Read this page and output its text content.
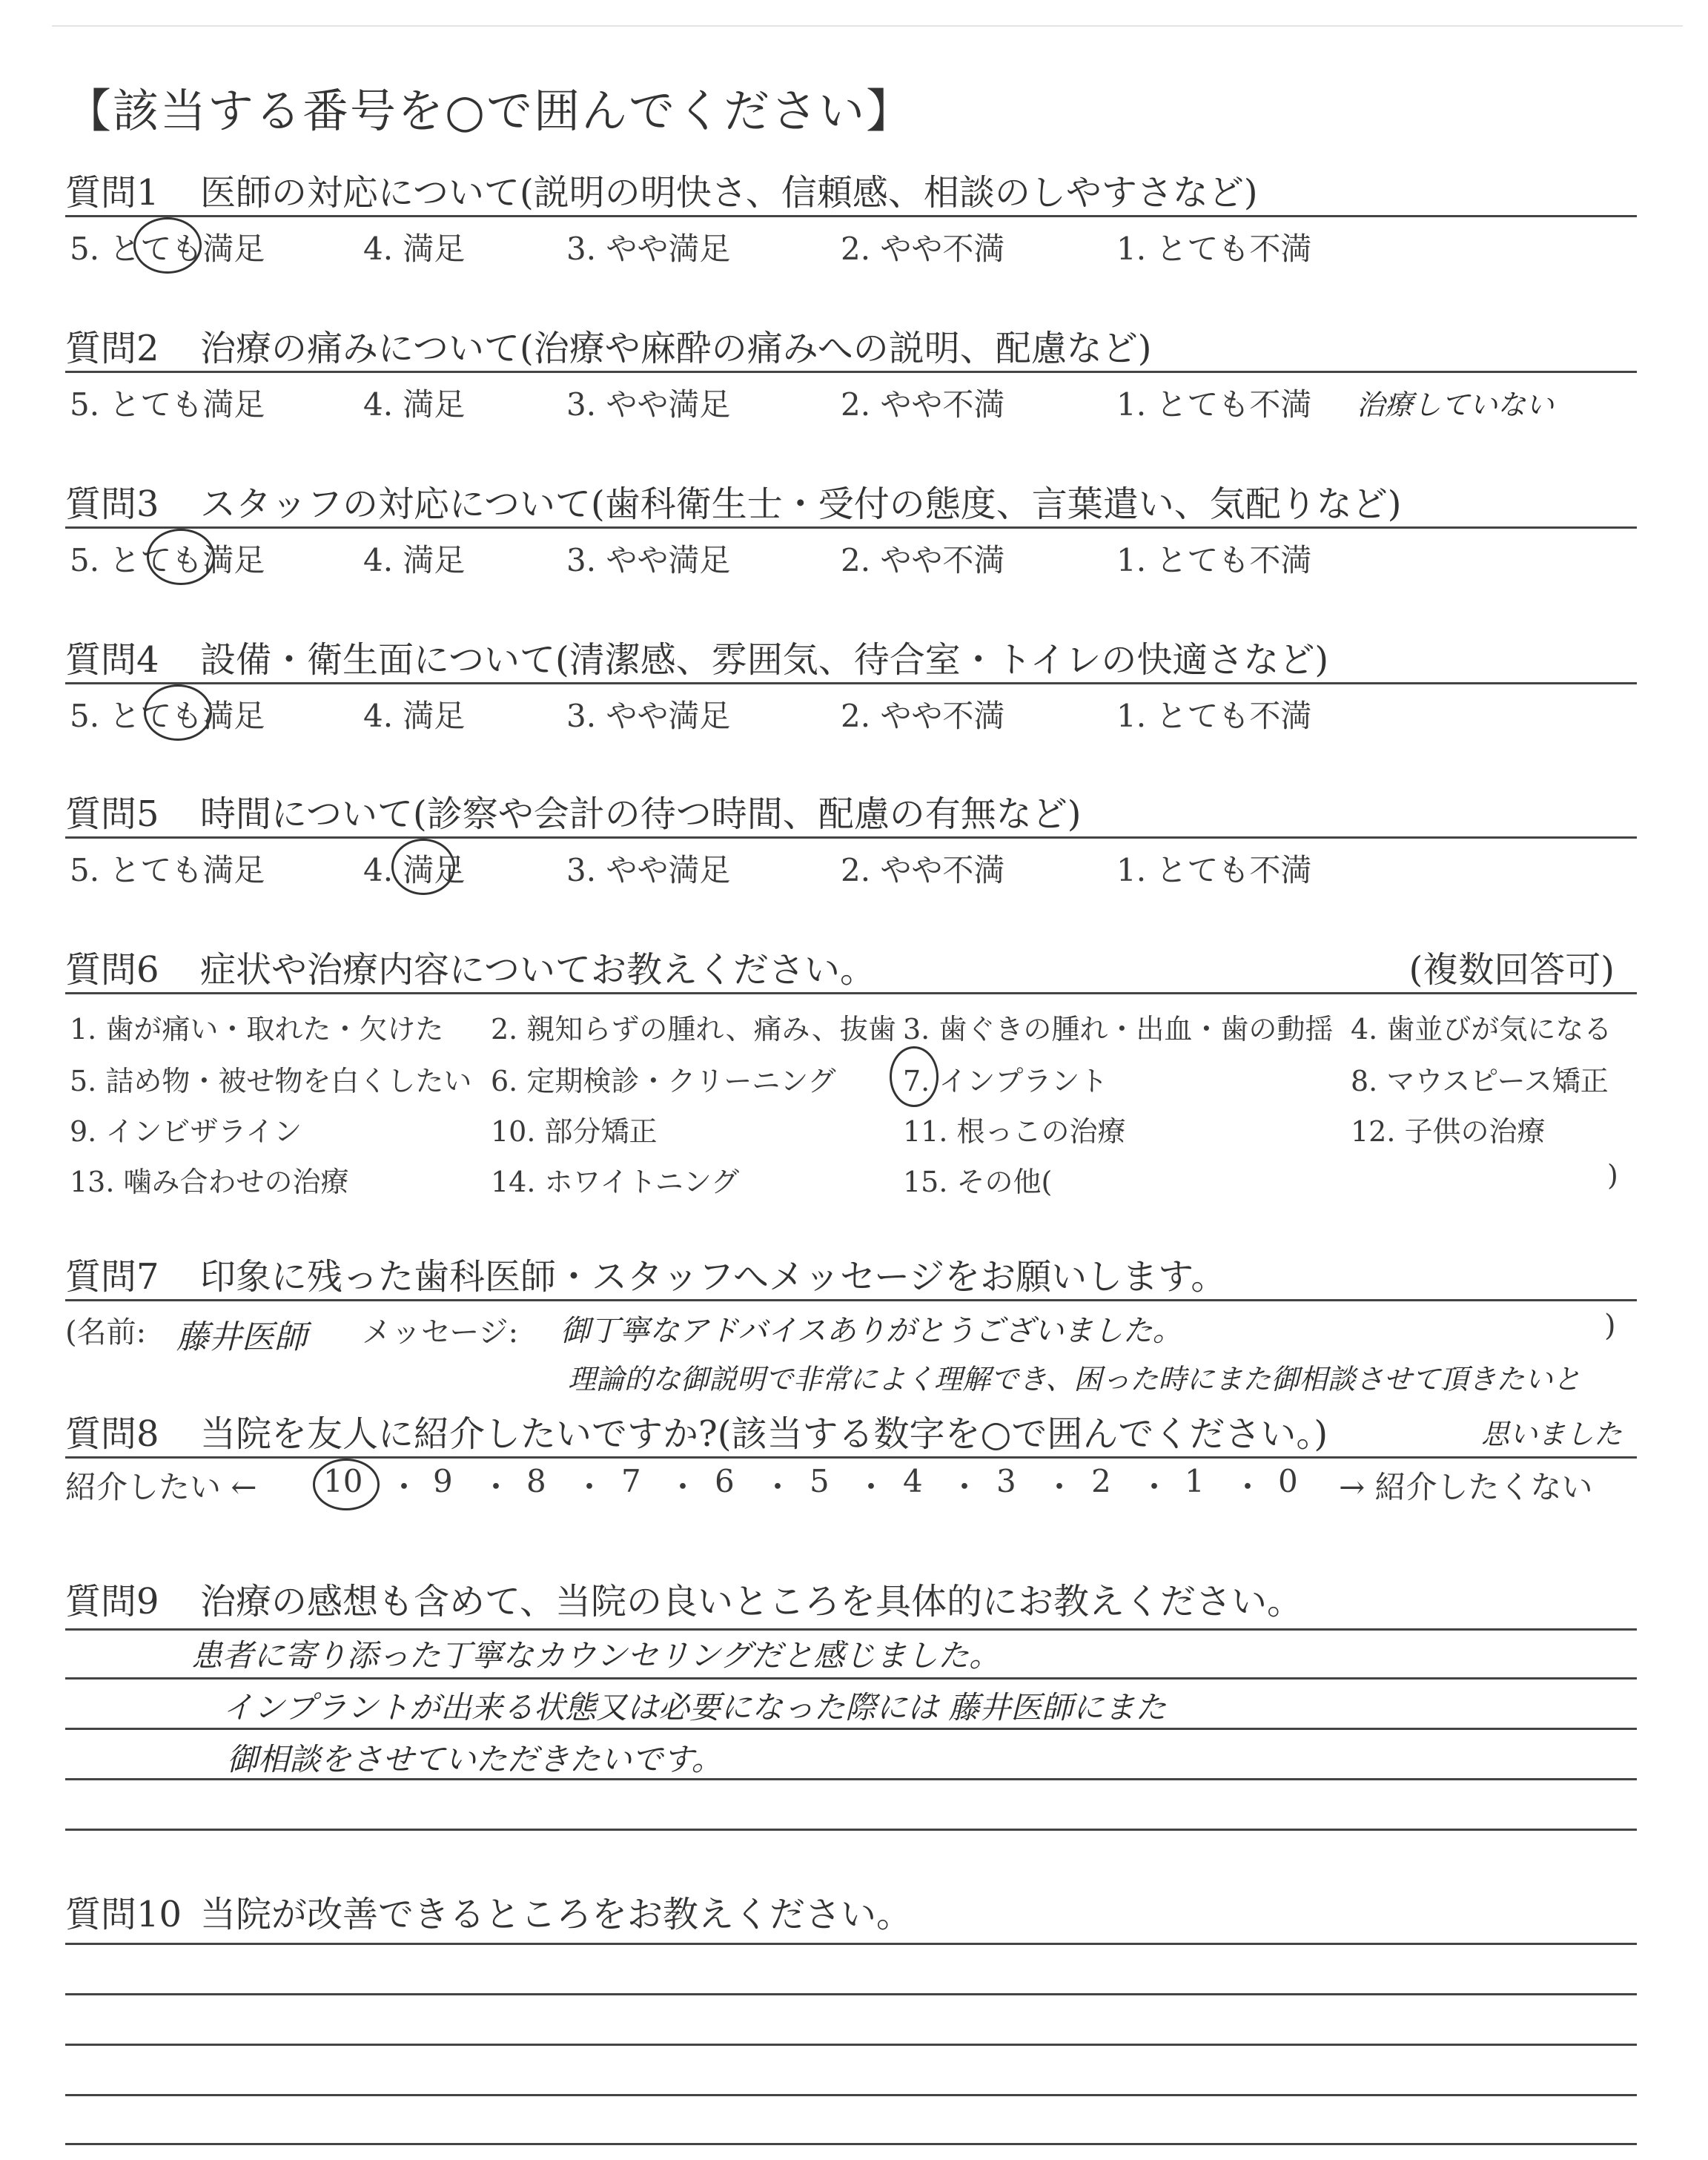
【該当する番号を○で囲んでください】
質問1 医師の対応について(説明の明快さ、信頼感、相談のしやすさなど)
5. とても満足	4. 満足	3. やや満足	2. やや不満	1. とても不満
質問2 治療の痛みについて(治療や麻酔の痛みへの説明、配慮など)
5. とても満足	4. 満足	3. やや満足	2. やや不満	1. とても不満 治療していない
質問3 スタッフの対応について(歯科衛生士・受付の態度、言葉遣い、気配りなど)
5. とても満足	4. 満足	3. やや満足	2. やや不満	1. とても不満
質問4 設備・衛生面について(清潔感、雰囲気、待合室・トイレの快適さなど)
5. とても満足	4. 満足	3. やや満足	2. やや不満	1. とても不満
質問5 時間について(診察や会計の待つ時間、配慮の有無など)
5. とても満足	4. 満足	3. やや満足	2. やや不満	1. とても不満
質問6 症状や治療内容についてお教えください。	(複数回答可)
1. 歯が痛い・取れた・欠けた 2. 親知らずの腫れ、痛み、抜歯 3. 歯ぐきの腫れ・出血・歯の動揺 4. 歯並びが気になる
5. 詰め物・被せ物を白くしたい 6. 定期検診・クリーニング 7. インプラント	8. マウスピース矯正
9. インビザライン	10. 部分矯正	11. 根っこの治療	12. 子供の治療
13. 噛み合わせの治療	14. ホワイトニング	15. その他(	)
質問7 印象に残った歯科医師・スタッフへメッセージをお願いします。
(名前: 藤井医師 メッセージ: 御丁寧なアドバイスありがとうございました。	)
理論的な御説明で非常によく理解でき、困った時にまた御相談させて頂きたいと
質問8 当院を友人に紹介したいですか?(該当する数字を○で囲んでください。)	思いました
紹介したい ← 10 ・ 9 ・ 8 ・ 7 ・ 6 ・ 5 ・ 4 ・ 3 ・ 2 ・ 1 ・ 0 → 紹介したくない
質問9 治療の感想も含めて、当院の良いところを具体的にお教えください。
患者に寄り添った丁寧なカウンセリングだと感じました。
インプラントが出来る状態又は必要になった際には 藤井医師にまた
御相談をさせていただきたいです。
質問10 当院が改善できるところをお教えください。
